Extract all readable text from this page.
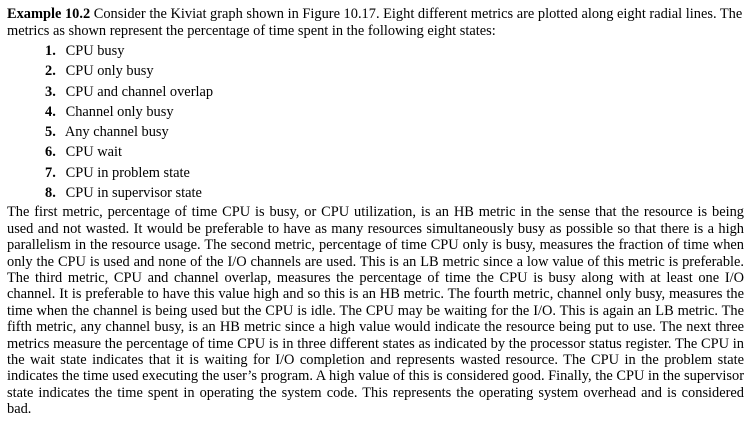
Example 10.2 Consider the Kiviat graph shown in Figure 10.17. Eight different metrics are plotted along eight radial lines. The metrics as shown represent the percentage of time spent in the following eight states:

1. CPU busy
2. CPU only busy
3. CPU and channel overlap
4. Channel only busy
5. Any channel busy
6. CPU wait
7. CPU in problem state
8. CPU in supervisor state

The first metric, percentage of time CPU is busy, or CPU utilization, is an HB metric in the sense that the resource is being used and not wasted. It would be preferable to have as many resources simultaneously busy as possible so that there is a high parallelism in the resource usage. The second metric, percentage of time CPU only is busy, measures the fraction of time when only the CPU is used and none of the I/O channels are used. This is an LB metric since a low value of this metric is preferable. The third metric, CPU and channel overlap, measures the percentage of time the CPU is busy along with at least one I/O channel. It is preferable to have this value high and so this is an HB metric. The fourth metric, channel only busy, measures the time when the channel is being used but the CPU is idle. The CPU may be waiting for the I/O. This is again an LB metric. The fifth metric, any channel busy, is an HB metric since a high value would indicate the resource being put to use. The next three metrics measure the percentage of time CPU is in three different states as indicated by the processor status register. The CPU in the wait state indicates that it is waiting for I/O completion and represents wasted resource. The CPU in the problem state indicates the time used executing the user’s program. A high value of this is considered good. Finally, the CPU in the supervisor state indicates the time spent in operating the system code. This represents the operating system overhead and is considered bad.
